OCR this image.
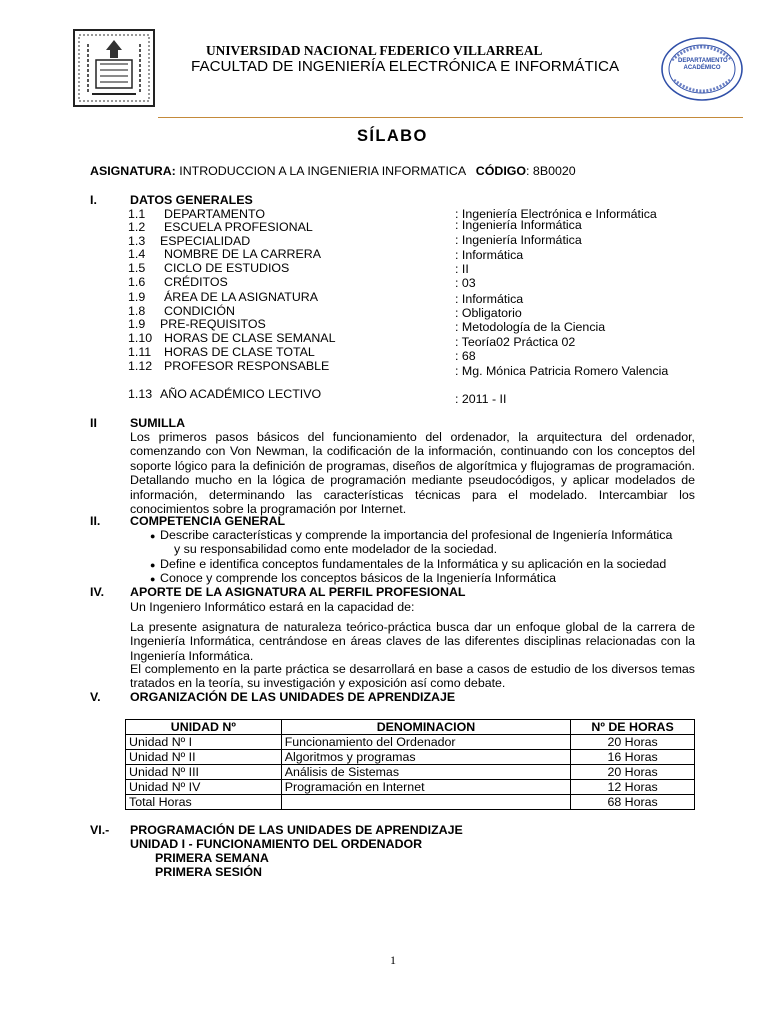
UNIVERSIDAD NACIONAL FEDERICO VILLARREAL
FACULTAD DE INGENIERÍA ELECTRÓNICA E INFORMÁTICA	DEPARTAMENTO ACADÉMICO
SÍLABO
ASIGNATURA: INTRODUCCION A LA INGENIERIA INFORMATICA CÓDIGO: 8B0020
I.	DATOS GENERALES
1.1 DEPARTAMENTO	: Ingeniería Electrónica e Informática
1.2 ESCUELA PROFESIONAL	: Ingeniería Informática
1.3 ESPECIALIDAD	: Ingeniería Informática
1.4 NOMBRE DE LA CARRERA	: Informática
1.5 CICLO DE ESTUDIOS	: II
1.6 CRÉDITOS	: 03
1.9 ÁREA DE LA ASIGNATURA	: Informática
1.8 CONDICIÓN	: Obligatorio
1.9 PRE-REQUISITOS	: Metodología de la Ciencia
1.10 HORAS DE CLASE SEMANAL	: Teoría02 Práctica 02
1.11 HORAS DE CLASE TOTAL	: 68
1.12 PROFESOR RESPONSABLE	: Mg. Mónica Patricia Romero Valencia
1.13 AÑO ACADÉMICO LECTIVO	: 2011 - II
II	SUMILLA
Los primeros pasos básicos del funcionamiento del ordenador, la arquitectura del ordenador, comenzando con Von Newman, la codificación de la información, continuando con los conceptos del soporte lógico para la definición de programas, diseños de algorítmica y flujogramas de programación. Detallando mucho en la lógica de programación mediante pseudocódigos, y aplicar modelados de información, determinando las características técnicas para el modelado. Intercambiar los conocimientos sobre la programación por Internet.
II. COMPETENCIA GENERAL
● Describe características y comprende la importancia del profesional de Ingeniería Informática
y su responsabilidad como ente modelador de la sociedad.
● Define e identifica conceptos fundamentales de la Informática y su aplicación en la sociedad
● Conoce y comprende los conceptos básicos de la Ingeniería Informática
IV. APORTE DE LA ASIGNATURA AL PERFIL PROFESIONAL
Un Ingeniero Informático estará en la capacidad de:
La presente asignatura de naturaleza teórico-práctica busca dar un enfoque global de la carrera de Ingeniería Informática, centrándose en áreas claves de las diferentes disciplinas relacionadas con la Ingeniería Informática.
El complemento en la parte práctica se desarrollará en base a casos de estudio de los diversos temas tratados en la teoría, su investigación y exposición así como debate.
V. ORGANIZACIÓN DE LAS UNIDADES DE APRENDIZAJE
UNIDAD Nº	DENOMINACION	Nº DE HORAS
Unidad Nº I	Funcionamiento del Ordenador	20 Horas
Unidad Nº II	Algoritmos y programas	16 Horas
Unidad Nº III	Análisis de Sistemas	20 Horas
Unidad Nº IV	Programación en Internet	12 Horas
Total Horas		68 Horas
VI.- PROGRAMACIÓN DE LAS UNIDADES DE APRENDIZAJE
UNIDAD I - FUNCIONAMIENTO DEL ORDENADOR
PRIMERA SEMANA
PRIMERA SESIÓN
1
